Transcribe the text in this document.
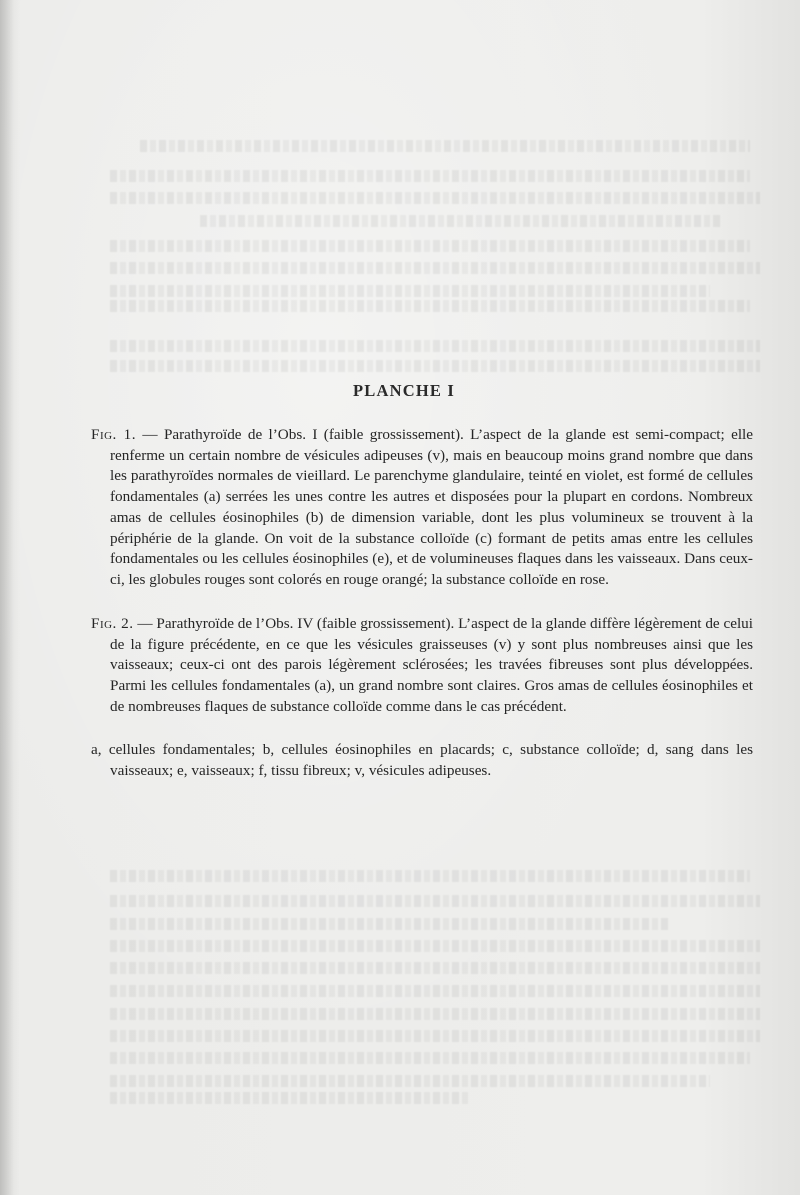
PLANCHE I
Fig. 1. — Parathyroïde de l’Obs. I (faible grossissement). L’aspect de la glande est semi-compact; elle renferme un certain nombre de vésicules adipeuses (v), mais en beaucoup moins grand nombre que dans les parathyroïdes normales de vieillard. Le parenchyme glandulaire, teinté en violet, est formé de cellules fondamentales (a) serrées les unes contre les autres et disposées pour la plupart en cordons. Nombreux amas de cellules éosinophiles (b) de dimension variable, dont les plus volumineux se trouvent à la périphérie de la glande. On voit de la substance colloïde (c) formant de petits amas entre les cellules fondamentales ou les cellules éosinophiles (e), et de volumineuses flaques dans les vaisseaux. Dans ceux-ci, les globules rouges sont colorés en rouge orangé; la substance colloïde en rose.
Fig. 2. — Parathyroïde de l’Obs. IV (faible grossissement). L’aspect de la glande diffère légèrement de celui de la figure précédente, en ce que les vésicules graisseuses (v) y sont plus nombreuses ainsi que les vaisseaux; ceux-ci ont des parois légèrement sclérosées; les travées fibreuses sont plus développées. Parmi les cellules fondamentales (a), un grand nombre sont claires. Gros amas de cellules éosinophiles et de nombreuses flaques de substance colloïde comme dans le cas précédent.
a, cellules fondamentales; b, cellules éosinophiles en placards; c, substance colloïde; d, sang dans les vaisseaux; e, vaisseaux; f, tissu fibreux; v, vésicules adipeuses.
